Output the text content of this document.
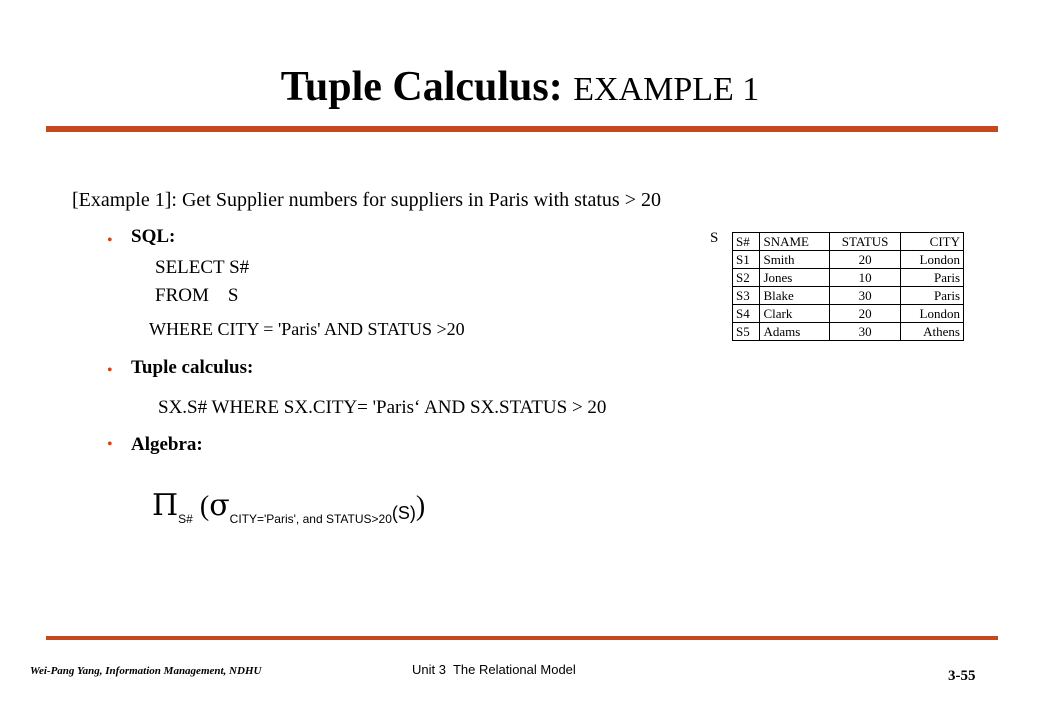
Tuple Calculus: EXAMPLE 1
[Example 1]: Get Supplier numbers for suppliers in Paris with status > 20
• SQL:
SELECT S#
FROM    S
WHERE CITY = 'Paris' AND STATUS >20
• Tuple calculus:
SX.S# WHERE SX.CITY= 'Paris‘ AND SX.STATUS > 20
• Algebra:
$\Pi_{S\#}$ $(\sigma_{CITY='Paris', and STATUS>20}(S))$
S S#	SNAME	STATUS	CITY
S1	Smith	20	London
S2	Jones	10	Paris
S3	Blake	30	Paris
S4	Clark	20	London
S5	Adams	30	Athens
Wei-Pang Yang, Information Management, NDHU	Unit 3  The Relational Model	3-55
